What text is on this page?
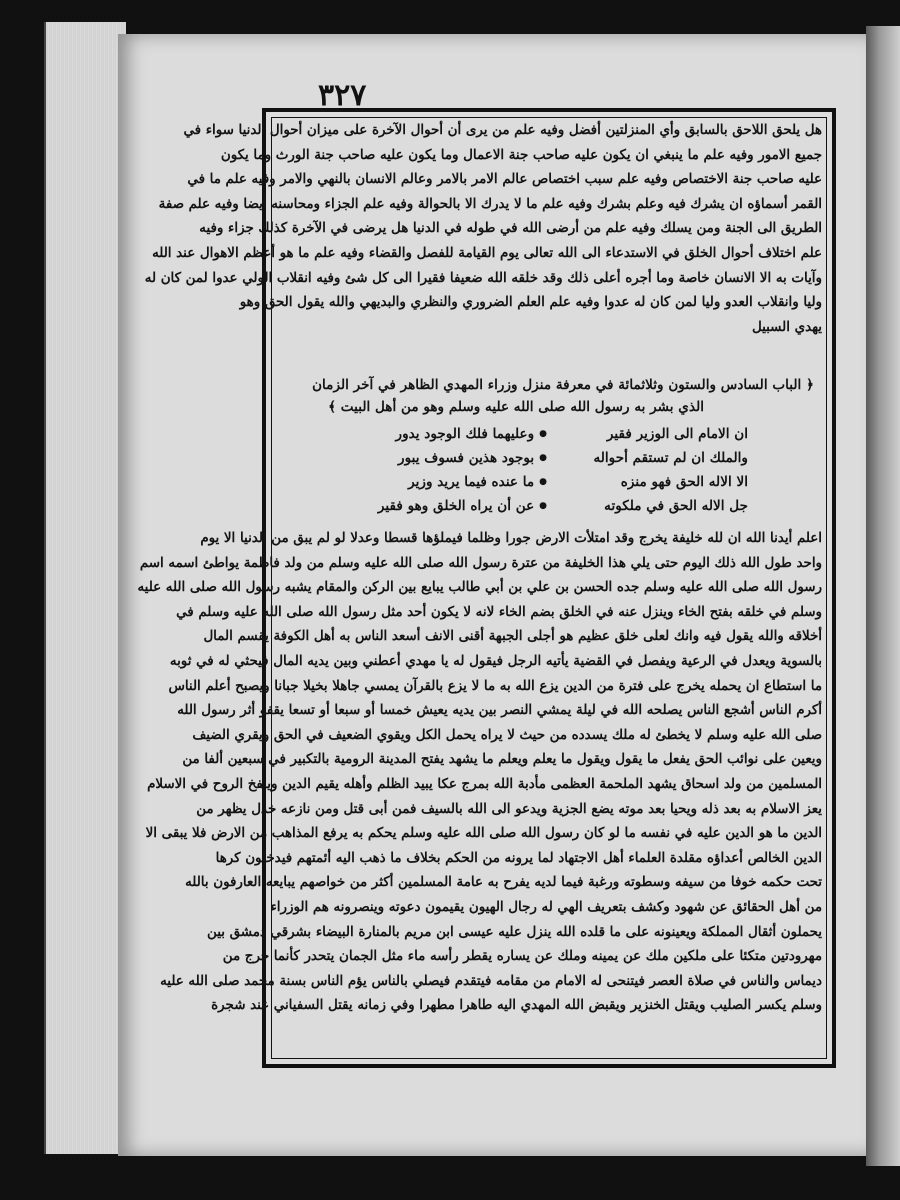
٣٢٧
هل يلحق اللاحق بالسابق وأي المنزلتين أفضل وفيه علم من يرى أن أحوال الآخرة على ميزان أحوال الدنيا سواء في
جميع الامور وفيه علم ما ينبغي ان يكون عليه صاحب جنة الاعمال وما يكون عليه صاحب جنة الورث وما يكون
عليه صاحب جنة الاختصاص وفيه علم سبب اختصاص عالم الامر بالامر وعالم الانسان بالنهي والامر وفيه علم ما في
القمر أسماؤه ان يشرك فيه وعلم بشرك وفيه علم ما لا يدرك الا بالحوالة وفيه علم الجزاء ومحاسنه أيضا وفيه علم صفة
الطريق الى الجنة ومن يسلك وفيه علم من أرضى الله في طوله في الدنيا هل يرضى في الآخرة كذلك جزاء وفيه
علم اختلاف أحوال الخلق في الاستدعاء الى الله تعالى يوم القيامة للفصل والقضاء وفيه علم ما هو أعظم الاهوال عند الله
وآيات به الا الانسان خاصة وما أجره أعلى ذلك وقد خلقه الله ضعيفا فقيرا الى كل شئ وفيه انقلاب الولي عدوا لمن كان له
وليا وانقلاب العدو وليا لمن كان له عدوا وفيه علم العلم الضروري والنظري والبديهي والله يقول الحق وهو
يهدي السبيل
﴿ الباب السادس والستون وثلاثمائة في معرفة منزل وزراء المهدي الظاهر في آخر الزمان
الذي بشر به رسول الله صلى الله عليه وسلم وهو من أهل البيت ﴾
ان الامام الى الوزير فقير
●
وعليهما فلك الوجود يدور
والملك ان لم تستقم أحواله
●
بوجود هذين فسوف يبور
الا الاله الحق فهو منزه
●
ما عنده فيما يريد وزير
جل الاله الحق في ملكوته
●
عن أن يراه الخلق وهو فقير
اعلم أيدنا الله ان لله خليفة يخرج وقد امتلأت الارض جورا وظلما فيملؤها قسطا وعدلا لو لم يبق من الدنيا الا يوم
واحد طول الله ذلك اليوم حتى يلي هذا الخليفة من عترة رسول الله صلى الله عليه وسلم من ولد فاطمة يواطئ اسمه اسم
رسول الله صلى الله عليه وسلم جده الحسن بن علي بن أبي طالب يبايع بين الركن والمقام يشبه رسول الله صلى الله عليه
وسلم في خلقه بفتح الخاء وينزل عنه في الخلق بضم الخاء لانه لا يكون أحد مثل رسول الله صلى الله عليه وسلم في
أخلاقه والله يقول فيه وانك لعلى خلق عظيم هو أجلى الجبهة أقنى الانف أسعد الناس به أهل الكوفة يقسم المال
بالسوية ويعدل في الرعية ويفصل في القضية يأتيه الرجل فيقول له يا مهدي أعطني وبين يديه المال فيحثي له في ثوبه
ما استطاع ان يحمله يخرج على فترة من الدين يزع الله به ما لا يزع بالقرآن يمسي جاهلا بخيلا جبانا ويصبح أعلم الناس
أكرم الناس أشجع الناس يصلحه الله في ليلة يمشي النصر بين يديه يعيش خمسا أو سبعا أو تسعا يقفو أثر رسول الله
صلى الله عليه وسلم لا يخطئ له ملك يسدده من حيث لا يراه يحمل الكل ويقوي الضعيف في الحق ويقري الضيف
ويعين على نوائب الحق يفعل ما يقول ويقول ما يعلم ويعلم ما يشهد يفتح المدينة الرومية بالتكبير في سبعين ألفا من
المسلمين من ولد اسحاق يشهد الملحمة العظمى مأدبة الله بمرج عكا يبيد الظلم وأهله يقيم الدين وينفخ الروح في الاسلام
يعز الاسلام به بعد ذله ويحيا بعد موته يضع الجزية ويدعو الى الله بالسيف فمن أبى قتل ومن نازعه خذل يظهر من
الدين ما هو الدين عليه في نفسه ما لو كان رسول الله صلى الله عليه وسلم يحكم به يرفع المذاهب من الارض فلا يبقى الا
الدين الخالص أعداؤه مقلدة العلماء أهل الاجتهاد لما يرونه من الحكم بخلاف ما ذهب اليه أئمتهم فيدخلون كرها
تحت حكمه خوفا من سيفه وسطوته ورغبة فيما لديه يفرح به عامة المسلمين أكثر من خواصهم يبايعه العارفون بالله
من أهل الحقائق عن شهود وكشف بتعريف الهي له رجال الهيون يقيمون دعوته وينصرونه هم الوزراء
يحملون أثقال المملكة ويعينونه على ما قلده الله ينزل عليه عيسى ابن مريم بالمنارة البيضاء بشرقي دمشق بين
مهرودتين متكئا على ملكين ملك عن يمينه وملك عن يساره يقطر رأسه ماء مثل الجمان يتحدر كأنما خرج من
ديماس والناس في صلاة العصر فيتنحى له الامام من مقامه فيتقدم فيصلي بالناس يؤم الناس بسنة محمد صلى الله عليه
وسلم يكسر الصليب ويقتل الخنزير ويقبض الله المهدي اليه طاهرا مطهرا وفي زمانه يقتل السفياني عند شجرة
